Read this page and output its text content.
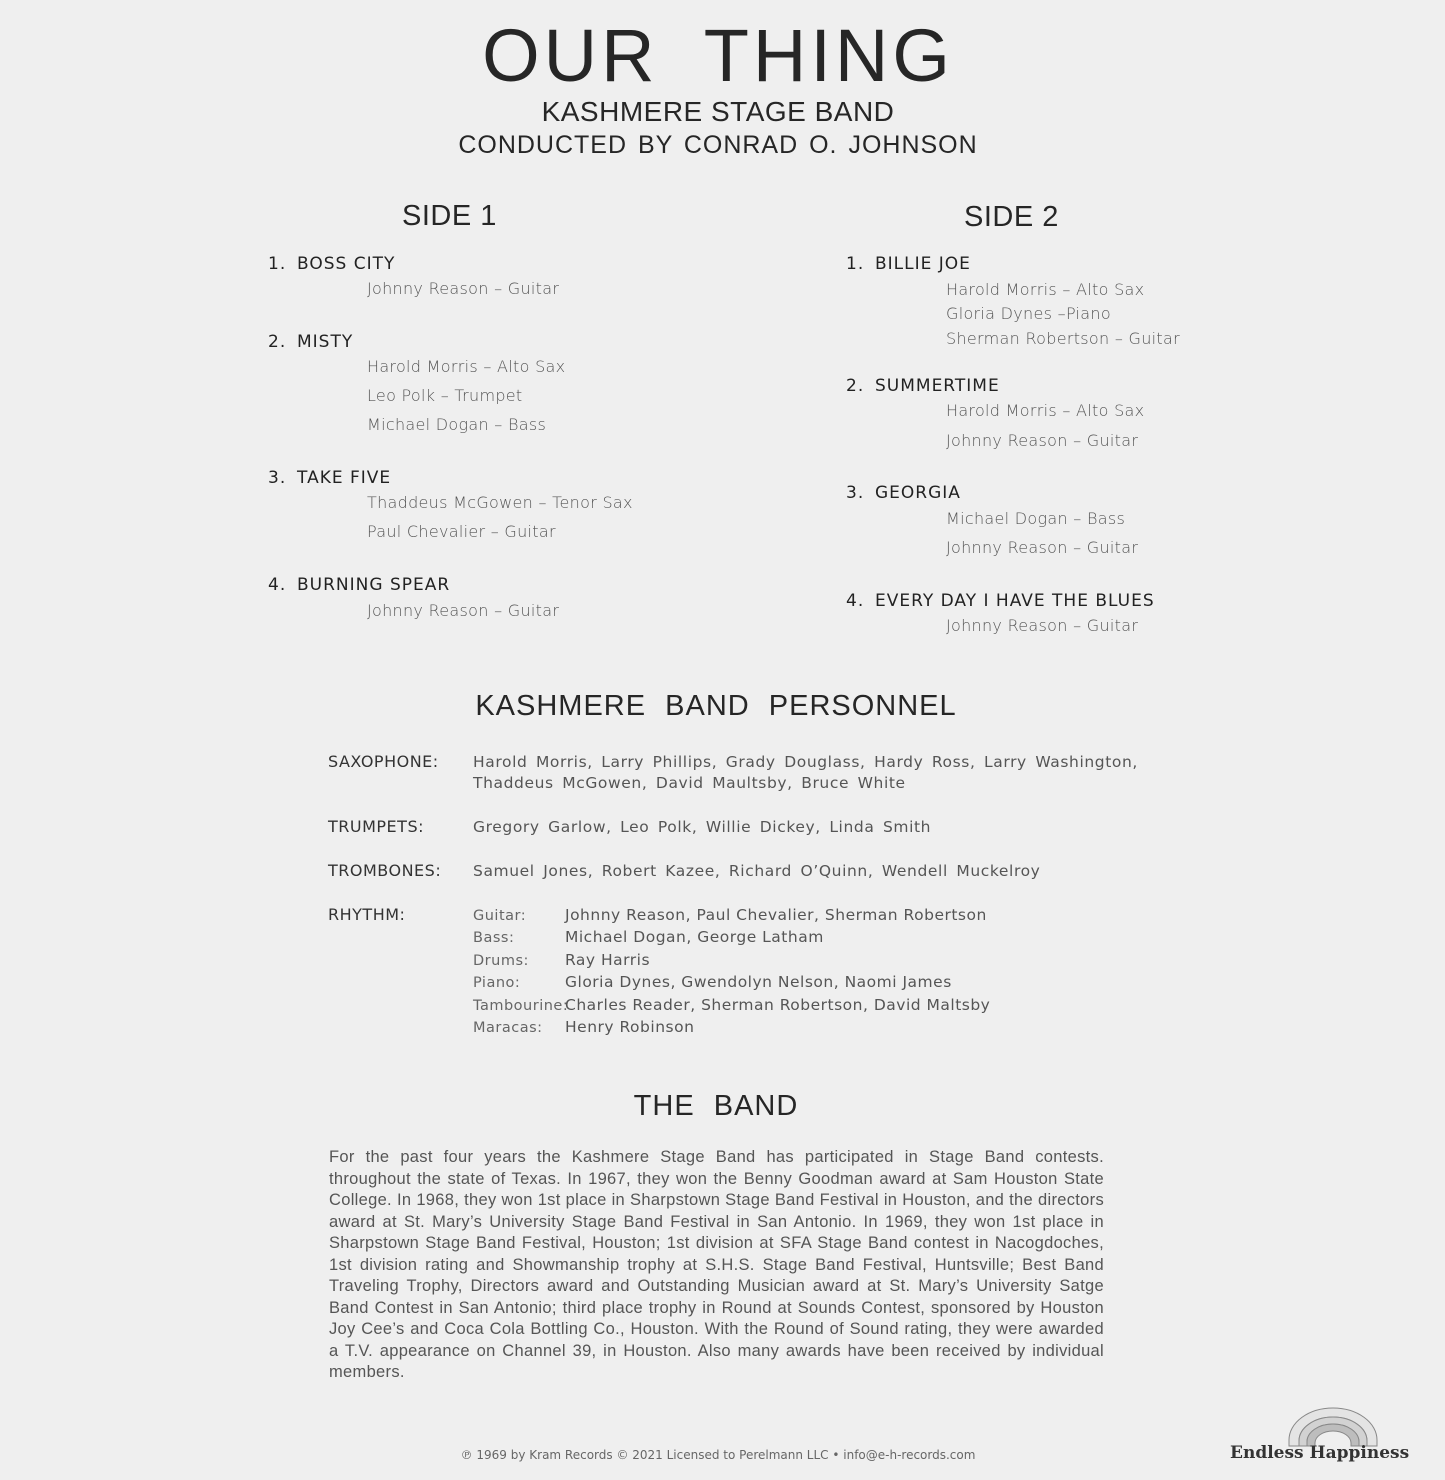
OUR THING
KASHMERE STAGE BAND
CONDUCTED BY CONRAD O. JOHNSON
SIDE 1
1. BOSS CITY
Johnny Reason – Guitar
2. MISTY
Harold Morris – Alto Sax
Leo Polk – Trumpet
Michael Dogan – Bass
3. TAKE FIVE
Thaddeus McGowen – Tenor Sax
Paul Chevalier – Guitar
4. BURNING SPEAR
Johnny Reason – Guitar
SIDE 2
1. BILLIE JOE
Harold Morris – Alto Sax
Gloria Dynes –Piano
Sherman Robertson – Guitar
2. SUMMERTIME
Harold Morris – Alto Sax
Johnny Reason – Guitar
3. GEORGIA
Michael Dogan – Bass
Johnny Reason – Guitar
4. EVERY DAY I HAVE THE BLUES
Johnny Reason – Guitar
KASHMERE BAND PERSONNEL
SAXOPHONE: Harold Morris, Larry Phillips, Grady Douglass, Hardy Ross, Larry Washington,
Thaddeus McGowen, David Maultsby, Bruce White
TRUMPETS:	Gregory Garlow, Leo Polk, Willie Dickey, Linda Smith
TROMBONES: Samuel Jones, Robert Kazee, Richard O’Quinn, Wendell Muckelroy
RHYTHM:	Guitar:	Johnny Reason, Paul Chevalier, Sherman Robertson
Bass:	Michael Dogan, George Latham
Drums: Ray Harris
Piano:	Gloria Dynes, Gwendolyn Nelson, Naomi James
Tambourine:Charles Reader, Sherman Robertson, David Maltsby
Maracas: Henry Robinson
THE BAND
For the past four years the Kashmere Stage Band has participated in Stage Band contests. throughout the state of Texas. In 1967, they won the Benny Goodman award at Sam Houston State College. In 1968, they won 1st place in Sharpstown Stage Band Festival in Houston, and the directors award at St. Mary’s University Stage Band Festival in San Antonio. In 1969, they won 1st place in Sharpstown Stage Band Festival, Houston; 1st division at SFA Stage Band contest in Nacogdoches, 1st division rating and Showmanship trophy at S.H.S. Stage Band Festival, Huntsville; Best Band Traveling Trophy, Directors award and Outstanding Musician award at St. Mary’s University Satge Band Contest in San Antonio; third place trophy in Round at Sounds Contest, sponsored by Houston Joy Cee’s and Coca Cola Bottling Co., Houston. With the Round of Sound rating, they were awarded a T.V. appearance on Channel 39, in Houston. Also many awards have been received by individual members.
℗ 1969 by Kram Records © 2021 Licensed to Perelmann LLC • info@e-h-records.com	Endless Happiness
